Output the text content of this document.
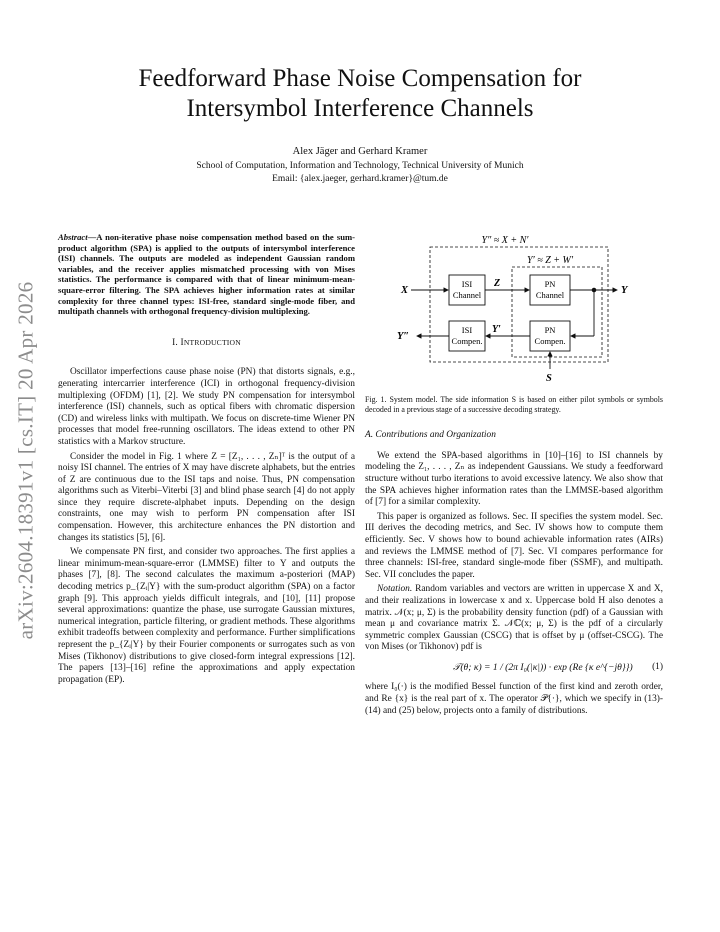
arXiv:2604.18391v1 [cs.IT] 20 Apr 2026
Feedforward Phase Noise Compensation for
Intersymbol Interference Channels
Alex Jäger and Gerhard Kramer
School of Computation, Information and Technology, Technical University of Munich
Email: {alex.jaeger, gerhard.kramer}@tum.de
Abstract—A non-iterative phase noise compensation method based on the sum-product algorithm (SPA) is applied to the outputs of intersymbol interference (ISI) channels. The outputs are modeled as independent Gaussian random variables, and the receiver applies mismatched processing with von Mises statistics. The performance is compared with that of linear minimum-mean-square-error filtering. The SPA achieves higher information rates at similar complexity for three channel types: ISI-free, standard single-mode fiber, and multipath channels with orthogonal frequency-division multiplexing.
I. INTRODUCTION

Oscillator imperfections cause phase noise (PN) that distorts signals, e.g., generating intercarrier interference (ICI) in orthogonal frequency-division multiplexing (OFDM) [1], [2]. We study PN compensation for intersymbol interference (ISI) channels, such as optical fibers with chromatic dispersion (CD) and wireless links with multipath. We focus on discrete-time Wiener PN processes that model free-running oscillators. The ideas extend to other PN statistics with a Markov structure.

Consider the model in Fig. 1 where Z = [Z₁, . . . , Zₙ]ᵀ is the output of a noisy ISI channel. The entries of X may have discrete alphabets, but the entries of Z are continuous due to the ISI taps and noise. Thus, PN compensation algorithms such as Viterbi–Viterbi [3] and blind phase search [4] do not apply since they require discrete-alphabet inputs. Depending on the design constraints, one may wish to perform PN compensation after ISI compensation. However, this architecture enhances the PN distortion and changes its statistics [5], [6].

We compensate PN first, and consider two approaches. The first applies a linear minimum-mean-square-error (LMMSE) filter to Y and outputs the phases [7], [8]. The second calculates the maximum a-posteriori (MAP) decoding metrics p_{Zᵢ|Y} with the sum-product algorithm (SPA) on a factor graph [9]. This approach yields difficult integrals, and [10], [11] propose several approximations: quantize the phase, use surrogate Gaussian mixtures, numerical integration, particle filtering, or gradient methods. These algorithms exhibit tradeoffs between complexity and performance. Further simplifications represent the p_{Zᵢ|Y} by their Fourier components or surrogates such as von Mises (Tikhonov) distributions to give closed-form integral expressions [12]. The papers [13]–[16] refine the approximations and apply expectation propagation (EP).

Y″ ≈ X + N′
Y′ ≈ Z + W′
ISI
Channel
PN
Channel
ISI
Compen.
PN
Compen.
X
Z
Y
Y′
Y″
S
Fig. 1. System model. The side information S is based on either pilot symbols or symbols decoded in a previous stage of a successive decoding strategy.
A. Contributions and Organization

We extend the SPA-based algorithms in [10]–[16] to ISI channels by modeling the Z₁, . . . , Zₙ as independent Gaussians. We study a feedforward structure without turbo iterations to avoid excessive latency. We also show that the SPA achieves higher information rates than the LMMSE-based algorithm of [7] for a similar complexity.

This paper is organized as follows. Sec. II specifies the system model. Sec. III derives the decoding metrics, and Sec. IV shows how to compute them efficiently. Sec. V shows how to bound achievable information rates (AIRs) and reviews the LMMSE method of [7]. Sec. VI compares performance for three channels: ISI-free, standard single-mode fiber (SSMF), and multipath. Sec. VII concludes the paper.

Notation. Random variables and vectors are written in uppercase X and X, and their realizations in lowercase x and x. Uppercase bold H also denotes a matrix. 𝒩(x; μ, Σ) is the probability density function (pdf) of a Gaussian with mean μ and covariance matrix Σ. 𝒩ℂ(x; μ, Σ) is the pdf of a circularly symmetric complex Gaussian (CSCG) that is offset by μ (offset-CSCG). The von Mises (or Tikhonov) pdf is

𝒯(θ; κ) = 1 / (2π I₀(|κ|)) · exp (Re {κ e^{−jθ}}) (1)

where I₀(·) is the modified Bessel function of the first kind and zeroth order, and Re {x} is the real part of x. The operator 𝒫{·}, which we specify in (13)-(14) and (25) below, projects onto a family of distributions.
